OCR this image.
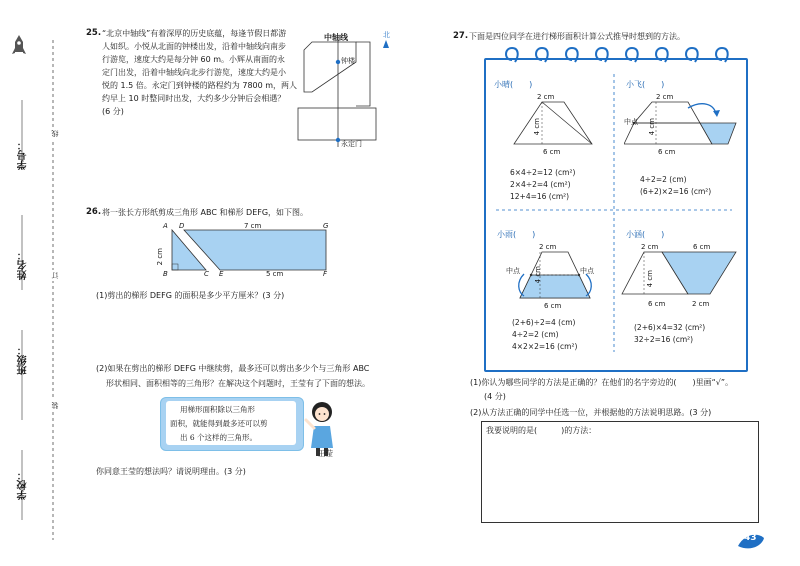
学号：
姓名：
班级：
学校：
线
订
装
25. “北京中轴线”有着深厚的历史底蕴，每逢节假日都游
人如织。小悦从北面的钟楼出发，沿着中轴线向南步
行游览，速度大约是每分钟 60 m。小辉从南面的永
定门出发，沿着中轴线向北步行游览，速度大约是小
悦的 1.5 倍。永定门到钟楼的路程约为 7800 m，两人
约早上 10 时整同时出发，大约多少分钟后会相遇？
(6 分)
中轴线	北
钟楼
永定门
26. 将一张长方形纸剪成三角形 ABC 和梯形 DEFG，如下图。
A D	G
B	C E	F
7 cm
2 cm
5 cm
(1)剪出的梯形 DEFG 的面积是多少平方厘米？(3 分)
(2)如果在剪出的梯形 DEFG 中继续剪，最多还可以剪出多少个与三角形 ABC
形状相同、面积相等的三角形？在解决这个问题时，王莹有了下面的想法。
用梯形面积除以三角形
面积，就能得到最多还可以剪
出 6 个这样的三角形。
王莹
你同意王莹的想法吗？请说明理由。(3 分)
27. 下面是四位同学在进行梯形面积计算公式推导时想到的方法。
小晴(　　)
2 cm
4 cm
6 cm
6×4÷2=12 (cm²)
2×4÷2=4 (cm²)
12+4=16 (cm²)
小飞(　　)
2 cm
中点 4 cm
6 cm
4÷2=2 (cm)
(6+2)×2=16 (cm²)
小雨(　　)
2 cm
中点	中点
4 cm
6 cm
(2+6)÷2=4 (cm)
4÷2=2 (cm)
4×2×2=16 (cm²)
小涵(　　)
2 cm	6 cm
4 cm
6 cm	2 cm
(2+6)×4=32 (cm²)
32÷2=16 (cm²)
(1)你认为哪些同学的方法是正确的？在他们的名字旁边的(　　)里画“√”。
(4 分)
(2)从方法正确的同学中任选一位，并根据他的方法说明思路。(3 分)
我要说明的是(　　　)的方法：
43
